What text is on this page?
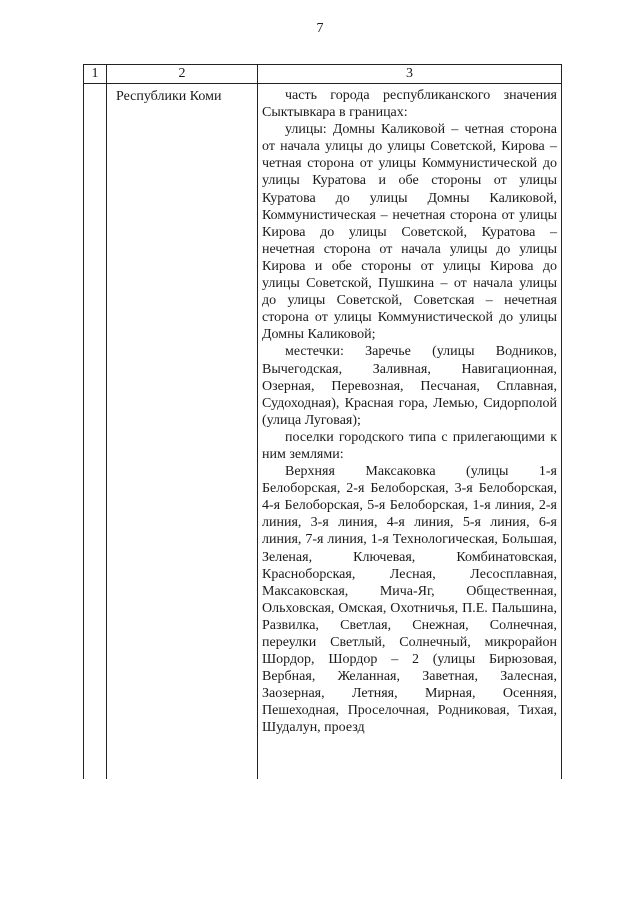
7
1	2	3
	Республики Коми	часть города республиканского значения Сыктывкара в границах:

улицы: Домны Каликовой – четная сторона от начала улицы до улицы Советской, Кирова – четная сторона от улицы Коммунистической до улицы Куратова и обе стороны от улицы Куратова до улицы Домны Каликовой, Коммунистическая – нечетная сторона от улицы Кирова до улицы Советской, Куратова – нечетная сторона от начала улицы до улицы Кирова и обе стороны от улицы Кирова до улицы Советской, Пушкина – от начала улицы до улицы Советской, Советская – нечетная сторона от улицы Коммунистической до улицы Домны Каликовой;

местечки: Заречье (улицы Водников, Вычегодская, Заливная, Навигационная, Озерная, Перевозная, Песчаная, Сплавная, Судоходная), Красная гора, Лемью, Сидорполой (улица Луговая);

поселки городского типа с прилегающими к ним землями:

Верхняя Максаковка (улицы 1-я Белоборская, 2-я Белоборская, 3-я Белоборская, 4-я Белоборская, 5-я Белоборская, 1-я линия, 2-я линия, 3-я линия, 4-я линия, 5-я линия, 6-я линия, 7-я линия, 1-я Технологическая, Большая, Зеленая, Ключевая, Комбинатовская, Красноборская, Лесная, Лесосплавная, Максаковская, Мича-Яг, Общественная, Ольховская, Омская, Охотничья, П.Е. Пальшина, Развилка, Светлая, Снежная, Солнечная, переулки Светлый, Солнечный, микрорайон Шордор, Шордор – 2 (улицы Бирюзовая, Вербная, Желанная, Заветная, Залесная, Заозерная, Летняя, Мирная, Осенняя, Пешеходная, Проселочная, Родниковая, Тихая, Шудалун, проезд
